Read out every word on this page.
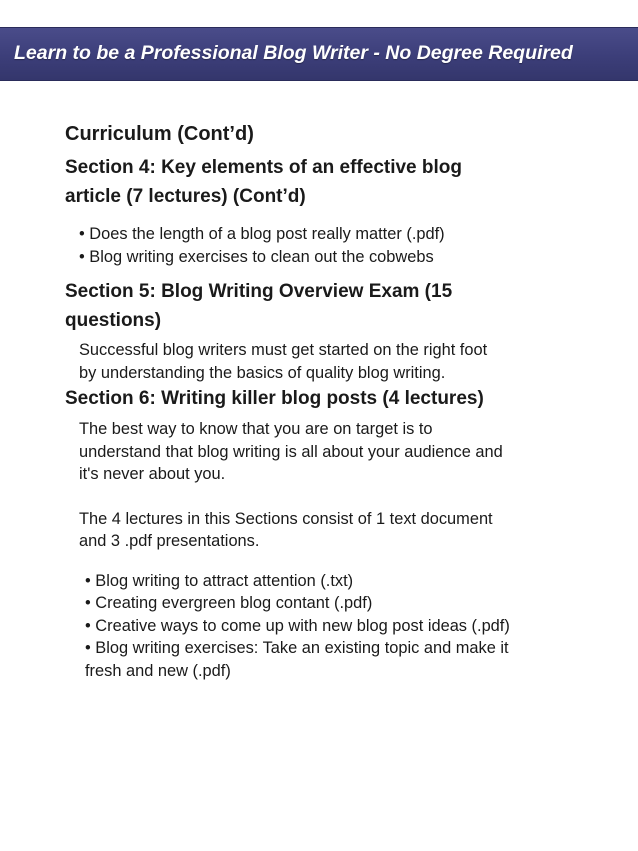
Learn to be a Professional Blog Writer - No Degree Required
Curriculum (Cont’d)
Section 4: Key elements of an effective blog
article (7 lectures) (Cont’d)
• Does the length of a blog post really matter (.pdf)
• Blog writing exercises to clean out the cobwebs
Section 5: Blog Writing Overview Exam (15
questions)
Successful blog writers must get started on the right foot
by understanding the basics of quality blog writing.
Section 6: Writing killer blog posts (4 lectures)
The best way to know that you are on target is to
understand that blog writing is all about your audience and
it's never about you.
The 4 lectures in this Sections consist of 1 text document
and 3 .pdf presentations.
• Blog writing to attract attention (.txt)
• Creating evergreen blog contant (.pdf)
• Creative ways to come up with new blog post ideas (.pdf)
• Blog writing exercises: Take an existing topic and make it
fresh and new (.pdf)
